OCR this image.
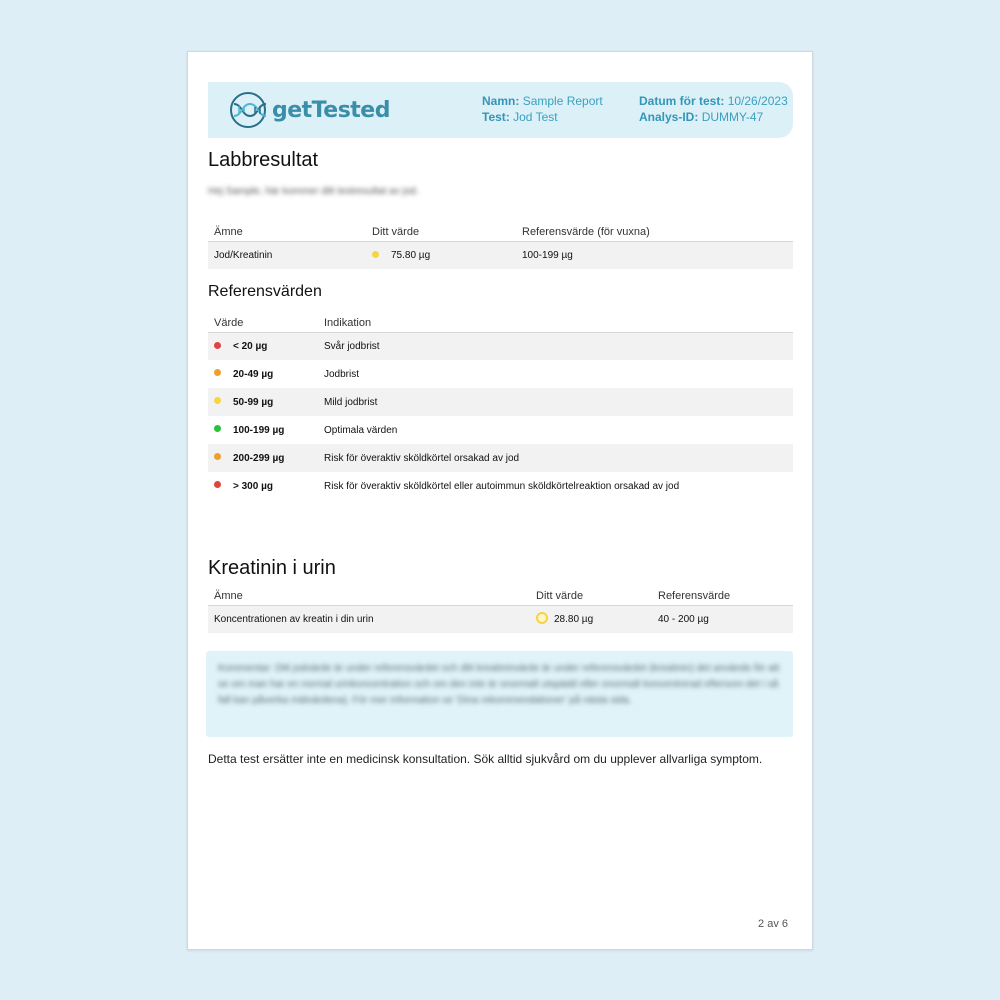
getTested	Namn: Sample Report
Test: Jod Test
Datum för test: 10/26/2023
Analys-ID: DUMMY-47
Labbresultat
Hej Sample, här kommer ditt testresultat av jod.
Ämne	Ditt värde	Referensvärde (för vuxna)
Jod/Kreatinin	75.80 µg	100-199 µg
Referensvärden
Värde	Indikation
< 20 µg	Svår jodbrist
20-49 µg	Jodbrist
50-99 µg	Mild jodbrist
100-199 µg	Optimala värden
200-299 µg	Risk för överaktiv sköldkörtel orsakad av jod
> 300 µg	Risk för överaktiv sköldkörtel eller autoimmun sköldkörtelreaktion orsakad av jod
Kreatinin i urin
Ämne	Ditt värde	Referensvärde
Koncentrationen av kreatin i din urin	28.80 µg	40 - 200 µg

Kommentar: Ditt jodvärde är under referensvärdet och ditt kreatininvärde är under referensvärdet (kreatinin) det används för att se om man har en normal urinkoncentration och om den inte är onormalt utspädd eller onormalt koncentrerad eftersom det i så fall kan påverka mätvärdena). För mer information se 'Dina rekommendationer' på nästa sida.

Detta test ersätter inte en medicinsk konsultation. Sök alltid sjukvård om du upplever allvarliga symptom.
2 av 6
